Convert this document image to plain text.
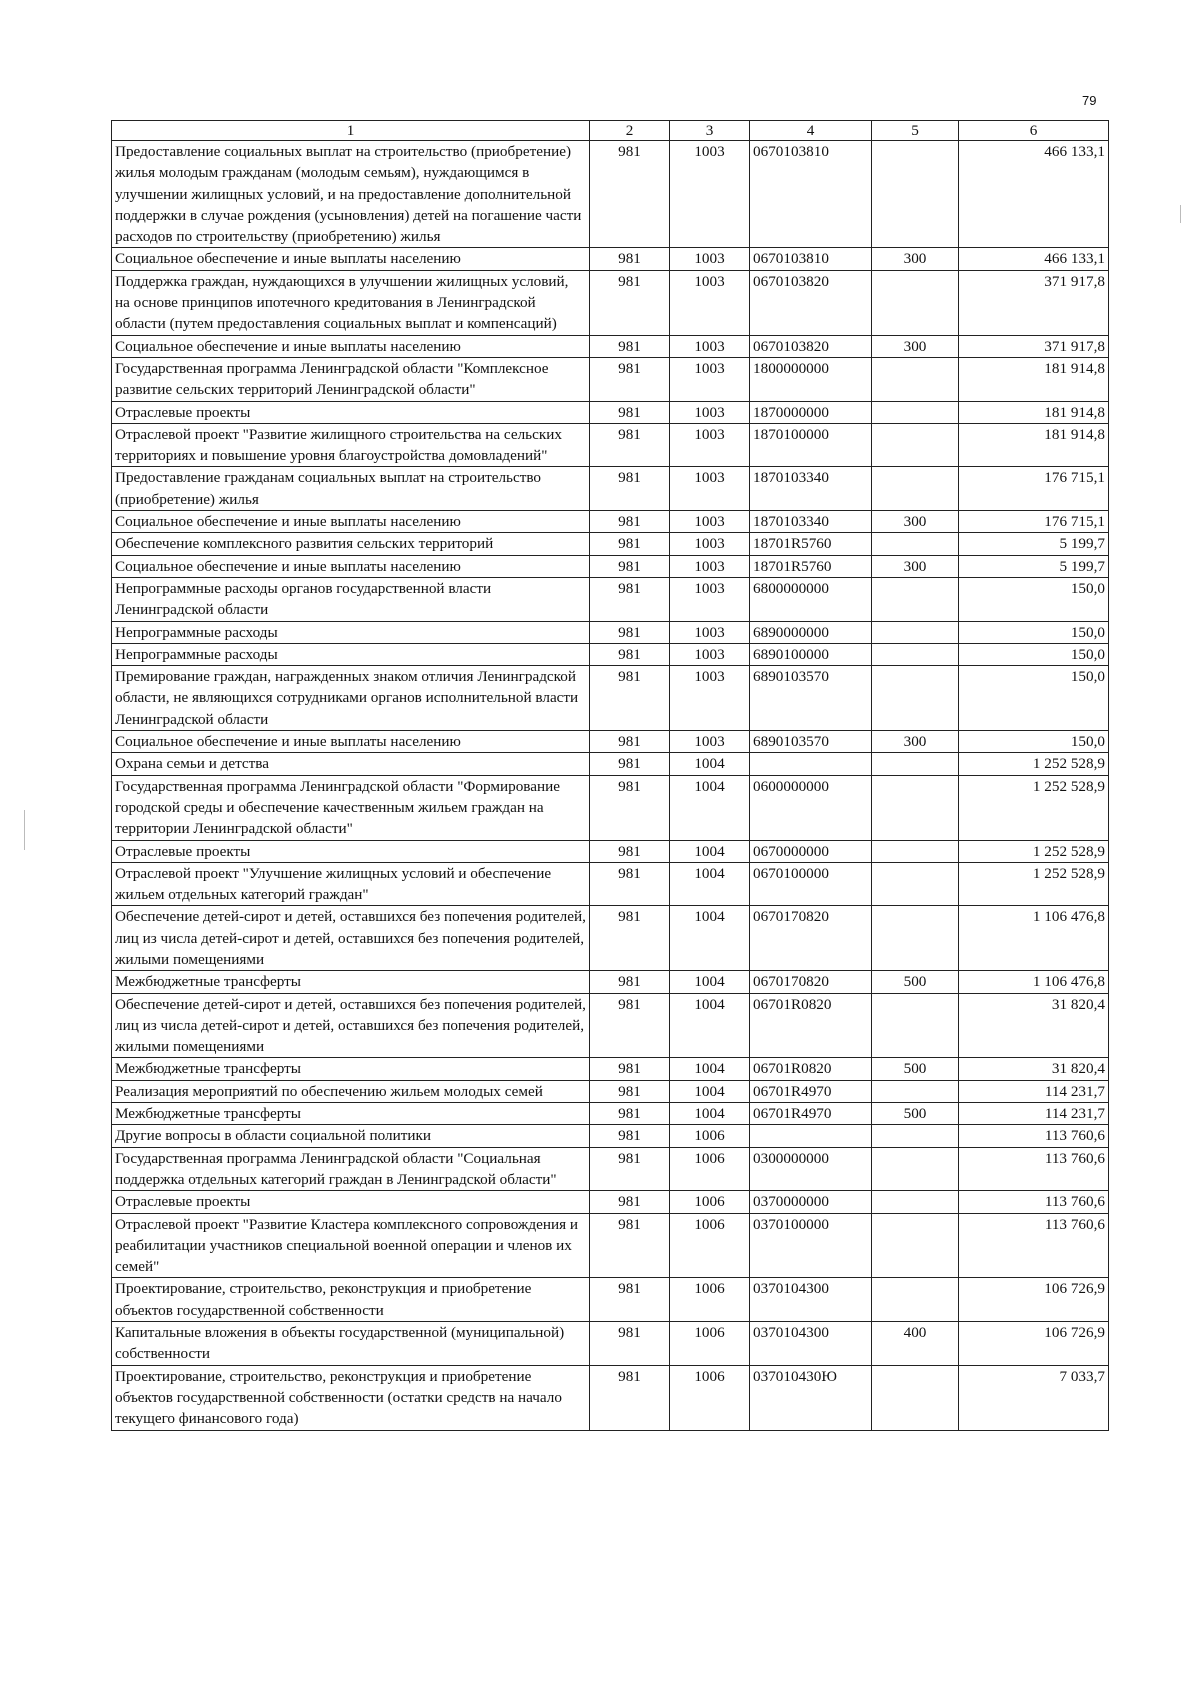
79
1	2	3	4	5	6
Предоставление социальных выплат на строительство (приобретение) жилья молодым гражданам (молодым семьям), нуждающимся в улучшении жилищных условий, и на предоставление дополнительной поддержки в случае рождения (усыновления) детей на погашение части расходов по строительству (приобретению) жилья	981	1003	0670103810		466 133,1
Социальное обеспечение и иные выплаты населению	981	1003	0670103810	300	466 133,1
Поддержка граждан, нуждающихся в улучшении жилищных условий, на основе принципов ипотечного кредитования в Ленинградской области (путем предоставления социальных выплат и компенсаций)	981	1003	0670103820		371 917,8
Социальное обеспечение и иные выплаты населению	981	1003	0670103820	300	371 917,8
Государственная программа Ленинградской области "Комплексное развитие сельских территорий Ленинградской области"	981	1003	1800000000		181 914,8
Отраслевые проекты	981	1003	1870000000		181 914,8
Отраслевой проект "Развитие жилищного строительства на сельских территориях и повышение уровня благоустройства домовладений"	981	1003	1870100000		181 914,8
Предоставление гражданам социальных выплат на строительство (приобретение) жилья	981	1003	1870103340		176 715,1
Социальное обеспечение и иные выплаты населению	981	1003	1870103340	300	176 715,1
Обеспечение комплексного развития сельских территорий	981	1003	18701R5760		5 199,7
Социальное обеспечение и иные выплаты населению	981	1003	18701R5760	300	5 199,7
Непрограммные расходы органов государственной власти Ленинградской области	981	1003	6800000000		150,0
Непрограммные расходы	981	1003	6890000000		150,0
Непрограммные расходы	981	1003	6890100000		150,0
Премирование граждан, награжденных знаком отличия Ленинградской области, не являющихся сотрудниками органов исполнительной власти Ленинградской области	981	1003	6890103570		150,0
Социальное обеспечение и иные выплаты населению	981	1003	6890103570	300	150,0
Охрана семьи и детства	981	1004			1 252 528,9
Государственная программа Ленинградской области "Формирование городской среды и обеспечение качественным жильем граждан на территории Ленинградской области"	981	1004	0600000000		1 252 528,9
Отраслевые проекты	981	1004	0670000000		1 252 528,9
Отраслевой проект "Улучшение жилищных условий и обеспечение жильем отдельных категорий граждан"	981	1004	0670100000		1 252 528,9
Обеспечение детей-сирот и детей, оставшихся без попечения родителей, лиц из числа детей-сирот и детей, оставшихся без попечения родителей, жилыми помещениями	981	1004	0670170820		1 106 476,8
Межбюджетные трансферты	981	1004	0670170820	500	1 106 476,8
Обеспечение детей-сирот и детей, оставшихся без попечения родителей, лиц из числа детей-сирот и детей, оставшихся без попечения родителей, жилыми помещениями	981	1004	06701R0820		31 820,4
Межбюджетные трансферты	981	1004	06701R0820	500	31 820,4
Реализация мероприятий по обеспечению жильем молодых семей	981	1004	06701R4970		114 231,7
Межбюджетные трансферты	981	1004	06701R4970	500	114 231,7
Другие вопросы в области социальной политики	981	1006			113 760,6
Государственная программа Ленинградской области "Социальная поддержка отдельных категорий граждан в Ленинградской области"	981	1006	0300000000		113 760,6
Отраслевые проекты	981	1006	0370000000		113 760,6
Отраслевой проект "Развитие Кластера комплексного сопровождения и реабилитации участников специальной военной операции и членов их семей"	981	1006	0370100000		113 760,6
Проектирование, строительство, реконструкция и приобретение объектов государственной собственности	981	1006	0370104300		106 726,9
Капитальные вложения в объекты государственной (муниципальной) собственности	981	1006	0370104300	400	106 726,9
Проектирование, строительство, реконструкция и приобретение объектов государственной собственности (остатки средств на начало текущего финансового года)	981	1006	037010430Ю		7 033,7
